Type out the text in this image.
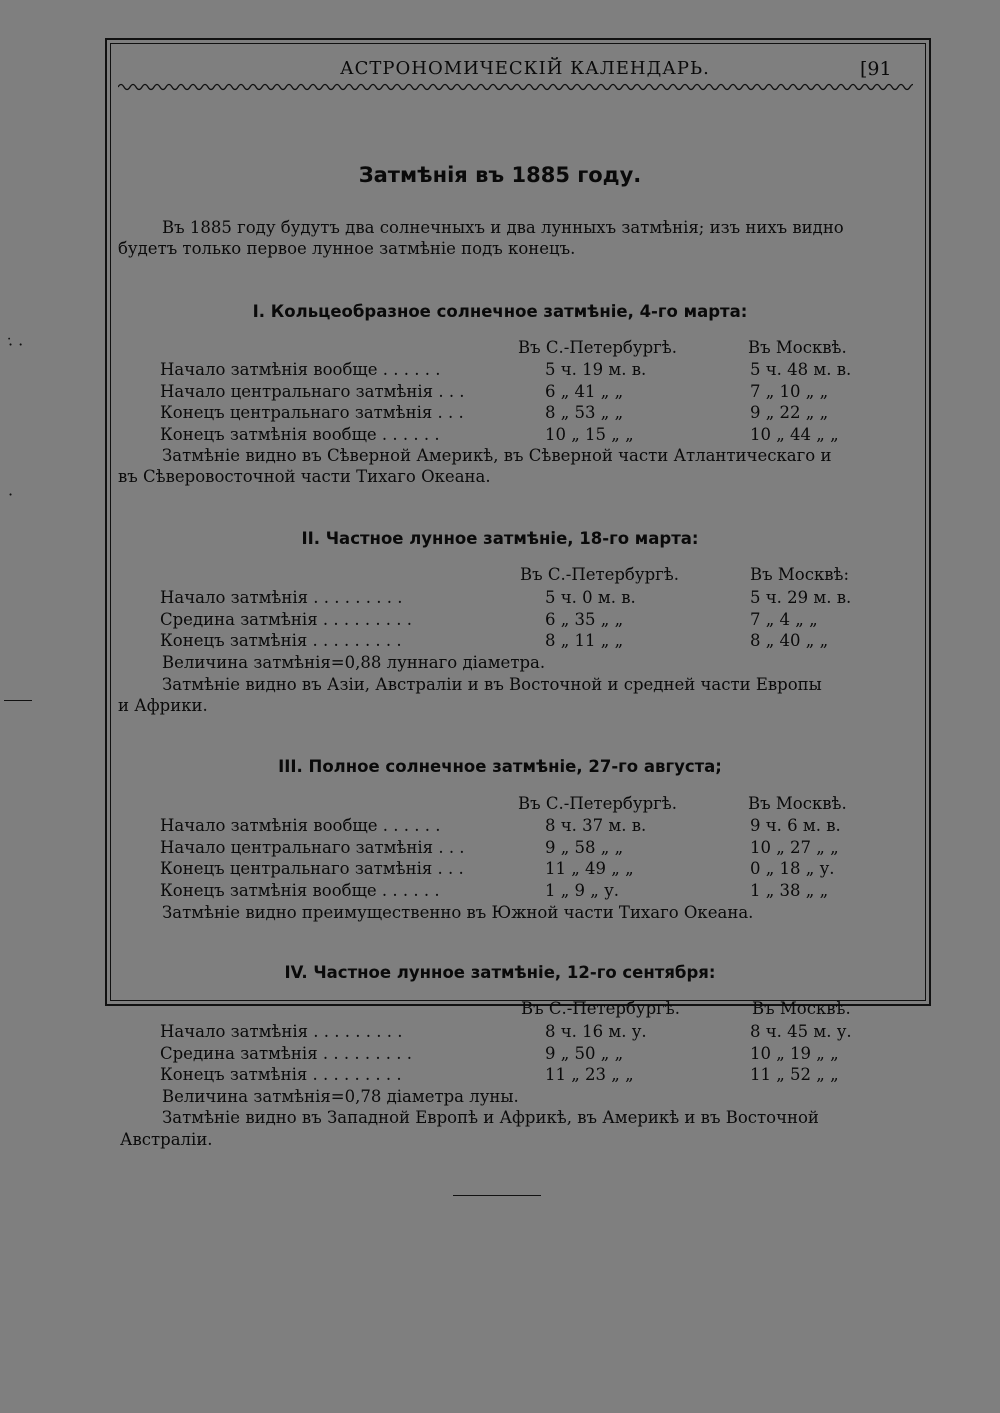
АСТРОНОМИЧЕСКІЙ КАЛЕНДАРЬ.	[91
Затмѣнія въ 1885 году.

Въ 1885 году будутъ два солнечныхъ и два лунныхъ затмѣнія; изъ нихъ видно

будетъ только первое лунное затмѣніе подъ конецъ.

I. Кольцеобразное солнечное затмѣніе, 4-го марта:
Въ С.-Петербургѣ.	Въ Москвѣ.
Начало затмѣнія вообще . . . . . .	5 ч. 19 м. в.	5 ч. 48 м. в.
Начало центральнаго затмѣнія . . .	6 „ 41 „ „	7 „ 10 „ „
Конецъ центральнаго затмѣнія . . .	8 „ 53 „ „	9 „ 22 „ „
Конецъ затмѣнія вообще . . . . . .	10 „ 15 „ „	10 „ 44 „ „

Затмѣніе видно въ Сѣверной Америкѣ, въ Сѣверной части Атлантическаго и

въ Сѣверовосточной части Тихаго Океана.

II. Частное лунное затмѣніе, 18-го марта:
Въ С.-Петербургѣ.	Въ Москвѣ:
Начало затмѣнія . . . . . . . . .	5 ч. 0 м. в.	5 ч. 29 м. в.
Средина затмѣнія . . . . . . . . .	6 „ 35 „ „	7 „ 4 „ „
Конецъ затмѣнія . . . . . . . . .	8 „ 11 „ „	8 „ 40 „ „

Величина затмѣнія=0,88 луннаго діаметра.

Затмѣніе видно въ Азіи, Австраліи и въ Восточной и средней части Европы

и Африки.

III. Полное солнечное затмѣніе, 27-го августа;
Въ С.-Петербургѣ.	Въ Москвѣ.
Начало затмѣнія вообще . . . . . .	8 ч. 37 м. в.	9 ч. 6 м. в.
Начало центральнаго затмѣнія . . .	9 „ 58 „ „	10 „ 27 „ „
Конецъ центральнаго затмѣнія . . .	11 „ 49 „ „	0 „ 18 „ у.
Конецъ затмѣнія вообще . . . . . .	1 „ 9 „ у.	1 „ 38 „ „

Затмѣніе видно преимущественно въ Южной части Тихаго Океана.

IV. Частное лунное затмѣніе, 12-го сентября:
Въ С.-Петербургѣ.	Въ Москвѣ.
Начало затмѣнія . . . . . . . . .	8 ч. 16 м. у.	8 ч. 45 м. у.
Средина затмѣнія . . . . . . . . .	9 „ 50 „ „	10 „ 19 „ „
Конецъ затмѣнія . . . . . . . . .	11 „ 23 „ „	11 „ 52 „ „

Величина затмѣнія=0,78 діаметра луны.

Затмѣніе видно въ Западной Европѣ и Африкѣ, въ Америкѣ и въ Восточной

Австраліи.

·̇ ·
·
